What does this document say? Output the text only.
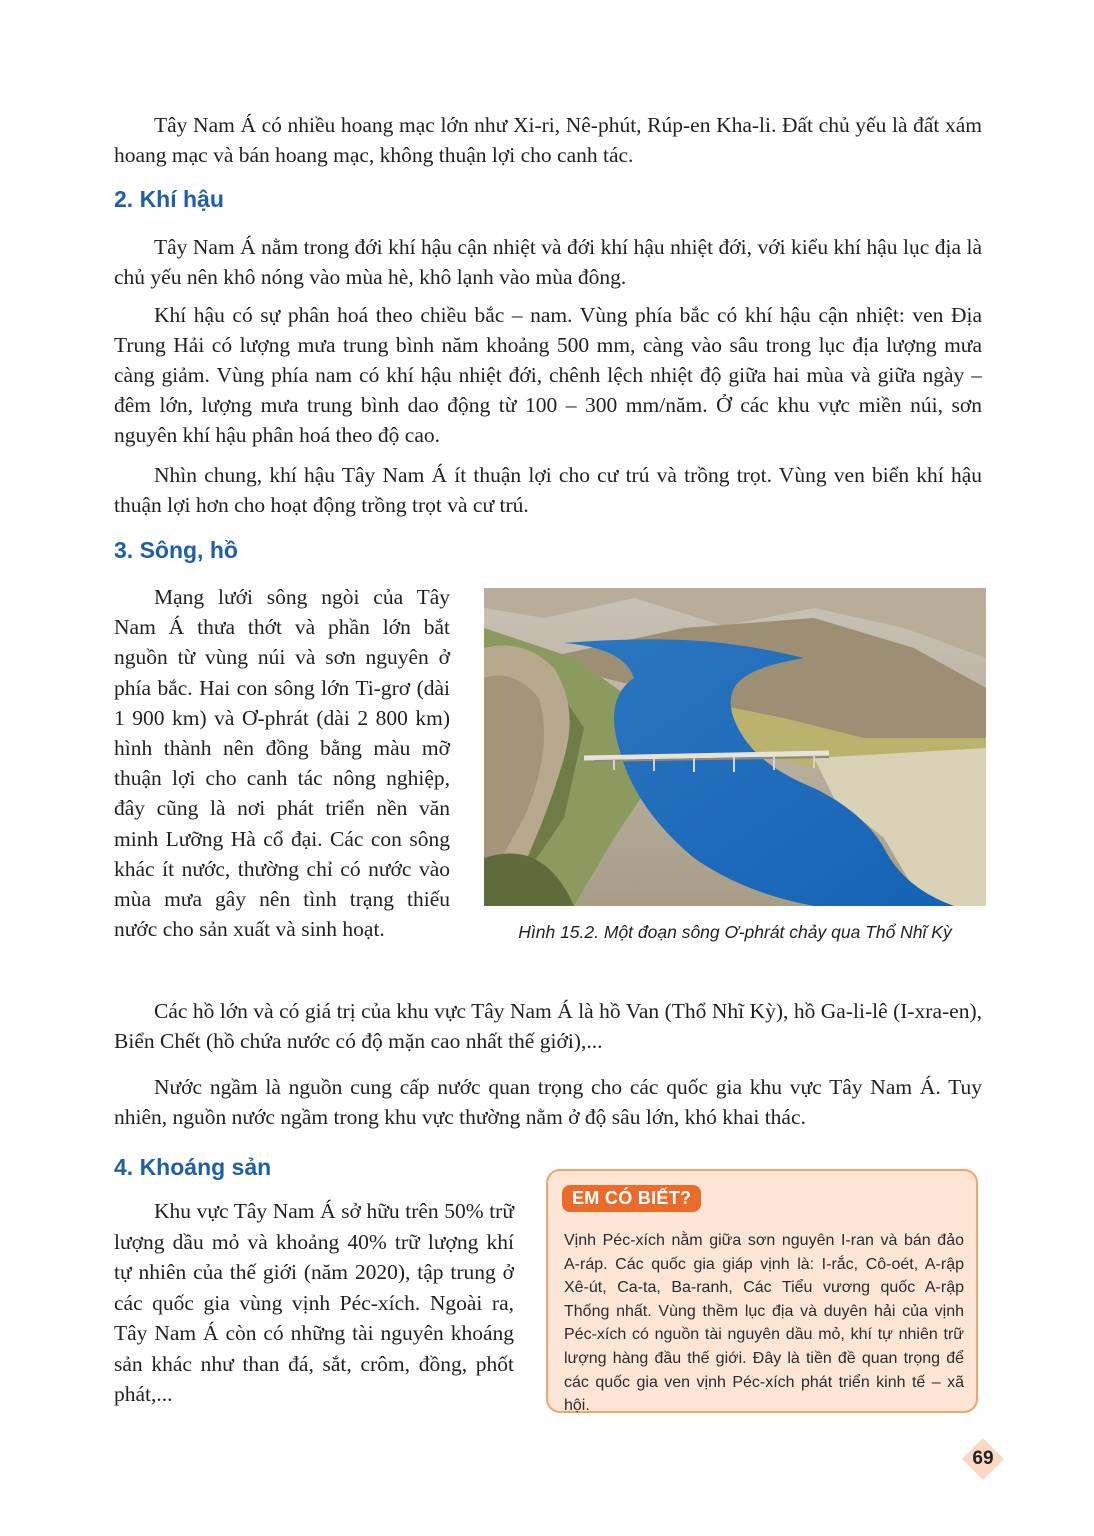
Tây Nam Á có nhiều hoang mạc lớn như Xi-ri, Nê-phút, Rúp-en Kha-li. Đất chủ yếu là đất xám hoang mạc và bán hoang mạc, không thuận lợi cho canh tác.

2. Khí hậu

Tây Nam Á nằm trong đới khí hậu cận nhiệt và đới khí hậu nhiệt đới, với kiểu khí hậu lục địa là chủ yếu nên khô nóng vào mùa hè, khô lạnh vào mùa đông.

Khí hậu có sự phân hoá theo chiều bắc – nam. Vùng phía bắc có khí hậu cận nhiệt: ven Địa Trung Hải có lượng mưa trung bình năm khoảng 500 mm, càng vào sâu trong lục địa lượng mưa càng giảm. Vùng phía nam có khí hậu nhiệt đới, chênh lệch nhiệt độ giữa hai mùa và giữa ngày – đêm lớn, lượng mưa trung bình dao động từ 100 – 300 mm/năm. Ở các khu vực miền núi, sơn nguyên khí hậu phân hoá theo độ cao.

Nhìn chung, khí hậu Tây Nam Á ít thuận lợi cho cư trú và trồng trọt. Vùng ven biển khí hậu thuận lợi hơn cho hoạt động trồng trọt và cư trú.

3. Sông, hồ

Mạng lưới sông ngòi của Tây Nam Á thưa thớt và phần lớn bắt nguồn từ vùng núi và sơn nguyên ở phía bắc. Hai con sông lớn Ti-grơ (dài 1 900 km) và Ơ-phrát (dài 2 800 km) hình thành nên đồng bằng màu mỡ thuận lợi cho canh tác nông nghiệp, đây cũng là nơi phát triển nền văn minh Lưỡng Hà cổ đại. Các con sông khác ít nước, thường chỉ có nước vào mùa mưa gây nên tình trạng thiếu nước cho sản xuất và sinh hoạt.	Hình 15.2. Một đoạn sông Ơ-phrát chảy qua Thổ Nhĩ Kỳ

Các hồ lớn và có giá trị của khu vực Tây Nam Á là hồ Van (Thổ Nhĩ Kỳ), hồ Ga-li-lê (I-xra-en), Biển Chết (hồ chứa nước có độ mặn cao nhất thế giới),...

Nước ngầm là nguồn cung cấp nước quan trọng cho các quốc gia khu vực Tây Nam Á. Tuy nhiên, nguồn nước ngầm trong khu vực thường nằm ở độ sâu lớn, khó khai thác.

4. Khoáng sản

Khu vực Tây Nam Á sở hữu trên 50% trữ lượng dầu mỏ và khoảng 40% trữ lượng khí tự nhiên của thế giới (năm 2020), tập trung ở các quốc gia vùng vịnh Péc-xích. Ngoài ra, Tây Nam Á còn có những tài nguyên khoáng sản khác như than đá, sắt, crôm, đồng, phốt phát,...

EM CÓ BIẾT?

Vịnh Péc-xích nằm giữa sơn nguyên I-ran và bán đảo A-ráp. Các quốc gia giáp vịnh là: I-rắc, Cô-oét, A-rập Xê-út, Ca-ta, Ba-ranh, Các Tiểu vương quốc A-rập Thống nhất. Vùng thềm lục địa và duyên hải của vịnh Péc-xích có nguồn tài nguyên dầu mỏ, khí tự nhiên trữ lượng hàng đầu thế giới. Đây là tiền đề quan trọng để các quốc gia ven vịnh Péc-xích phát triển kinh tế – xã hội.

69
